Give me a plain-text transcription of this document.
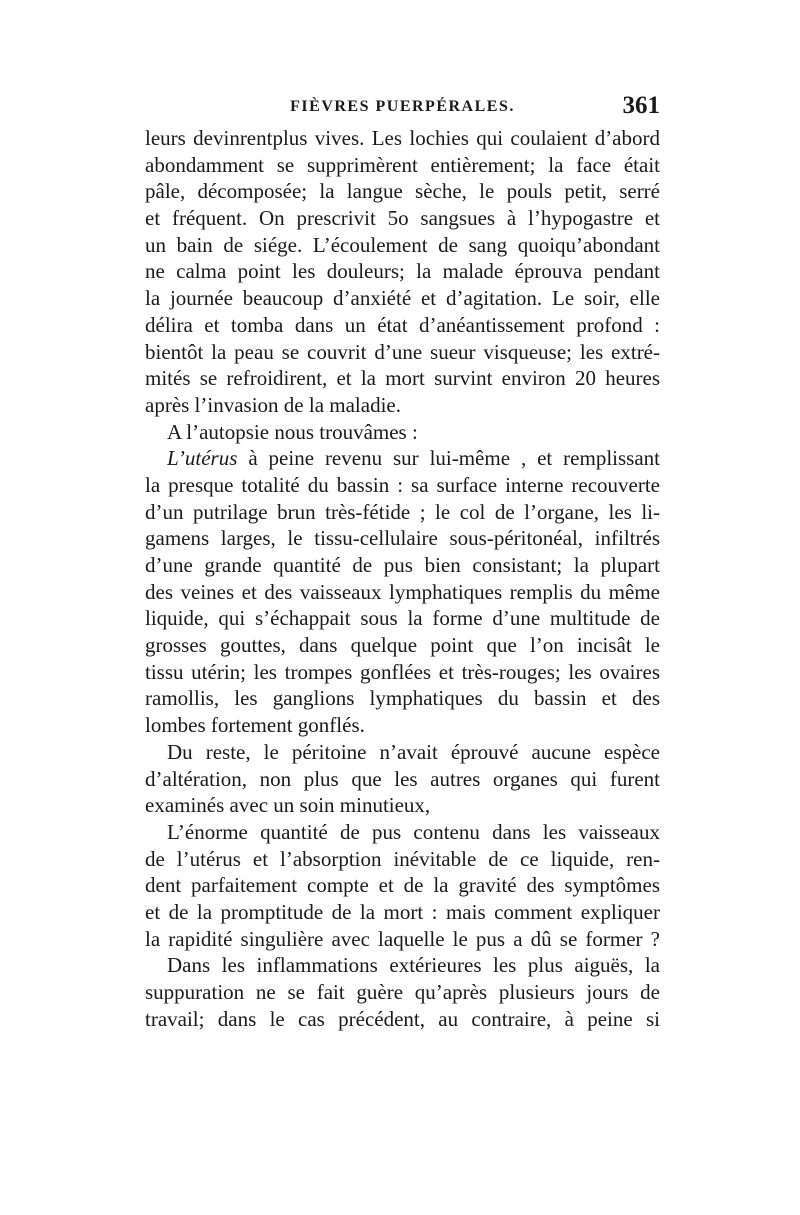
FIÈVRES PUERPÉRALES.	361
leurs devinrentplus vives. Les lochies qui coulaient d’abord
abondamment se supprimèrent entièrement; la face était
pâle, décomposée; la langue sèche, le pouls petit, serré
et fréquent. On prescrivit 5o sangsues à l’hypogastre et
un bain de siége. L’écoulement de sang quoiqu’abondant
ne calma point les douleurs; la malade éprouva pendant
la journée beaucoup d’anxiété et d’agitation. Le soir, elle
délira et tomba dans un état d’anéantissement profond :
bientôt la peau se couvrit d’une sueur visqueuse; les extré-
mités se refroidirent, et la mort survint environ 20 heures
après l’invasion de la maladie.
A l’autopsie nous trouvâmes :
L’utérus à peine revenu sur lui-même , et remplissant
la presque totalité du bassin : sa surface interne recouverte
d’un putrilage brun très-fétide ; le col de l’organe, les li-
gamens larges, le tissu-cellulaire sous-péritonéal, infiltrés
d’une grande quantité de pus bien consistant; la plupart
des veines et des vaisseaux lymphatiques remplis du même
liquide, qui s’échappait sous la forme d’une multitude de
grosses gouttes, dans quelque point que l’on incisât le
tissu utérin; les trompes gonflées et très-rouges; les ovaires
ramollis, les ganglions lymphatiques du bassin et des
lombes fortement gonflés.
Du reste, le péritoine n’avait éprouvé aucune espèce
d’altération, non plus que les autres organes qui furent
examinés avec un soin minutieux,
L’énorme quantité de pus contenu dans les vaisseaux
de l’utérus et l’absorption inévitable de ce liquide, ren-
dent parfaitement compte et de la gravité des symptômes
et de la promptitude de la mort : mais comment expliquer
la rapidité singulière avec laquelle le pus a dû se former ?
Dans les inflammations extérieures les plus aiguës, la
suppuration ne se fait guère qu’après plusieurs jours de
travail; dans le cas précédent, au contraire, à peine si
